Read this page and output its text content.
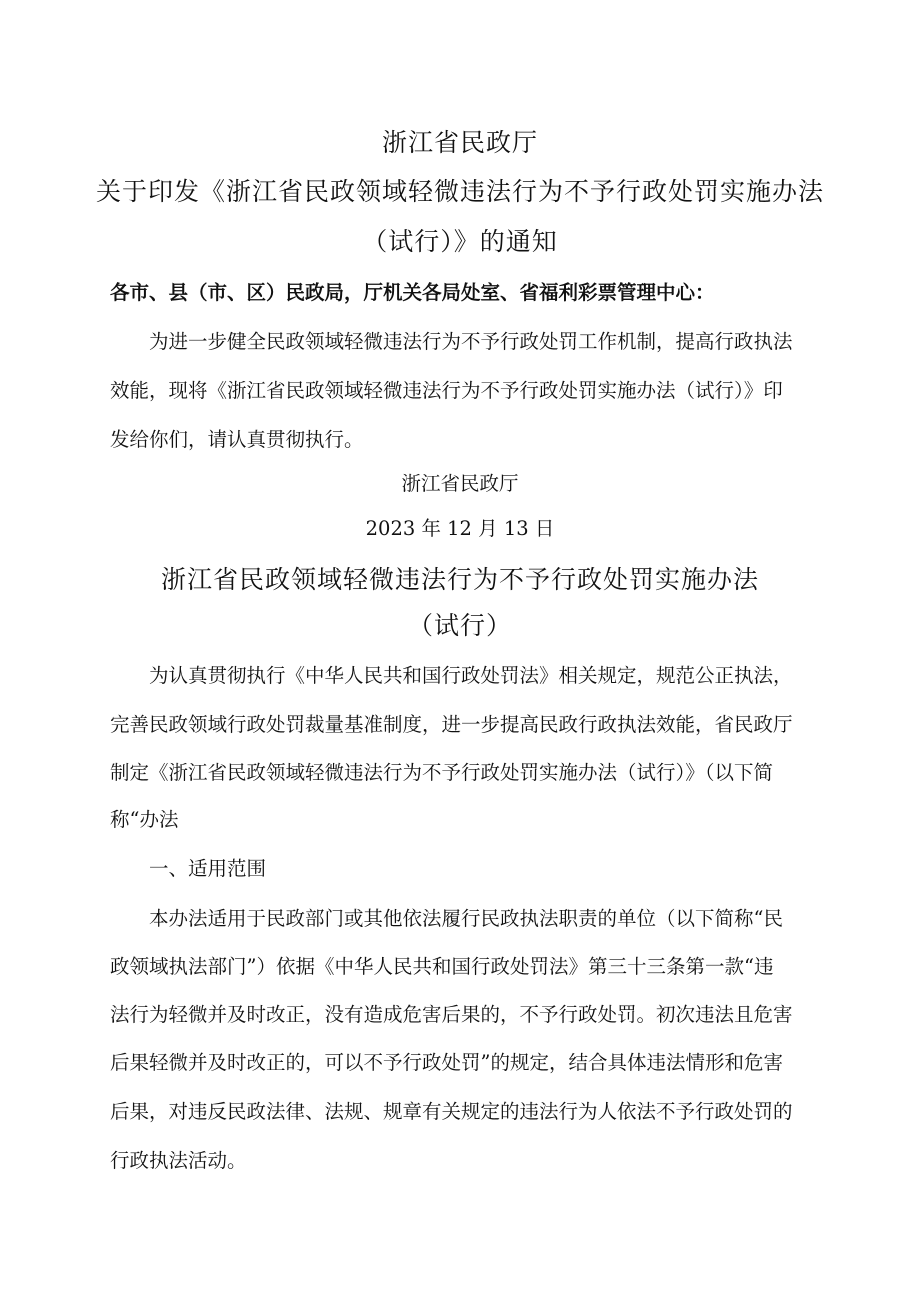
浙江省民政厅
关于印发《浙江省民政领域轻微违法行为不予行政处罚实施办法
（试行）》的通知
各市、县（市、区）民政局，厅机关各局处室、省福利彩票管理中心：
为进一步健全民政领域轻微违法行为不予行政处罚工作机制，提高行政执法
效能，现将《浙江省民政领域轻微违法行为不予行政处罚实施办法（试行）》印
发给你们，请认真贯彻执行。
浙江省民政厅
2023 年 12 月 13 日
浙江省民政领域轻微违法行为不予行政处罚实施办法
（试行）
为认真贯彻执行《中华人民共和国行政处罚法》相关规定，规范公正执法，
完善民政领域行政处罚裁量基准制度，进一步提高民政行政执法效能，省民政厅
制定《浙江省民政领域轻微违法行为不予行政处罚实施办法（试行）》（以下简
称“办法
一、适用范围
本办法适用于民政部门或其他依法履行民政执法职责的单位（以下简称“民
政领域执法部门”）依据《中华人民共和国行政处罚法》第三十三条第一款“违
法行为轻微并及时改正，没有造成危害后果的，不予行政处罚。初次违法且危害
后果轻微并及时改正的，可以不予行政处罚”的规定，结合具体违法情形和危害
后果，对违反民政法律、法规、规章有关规定的违法行为人依法不予行政处罚的
行政执法活动。
